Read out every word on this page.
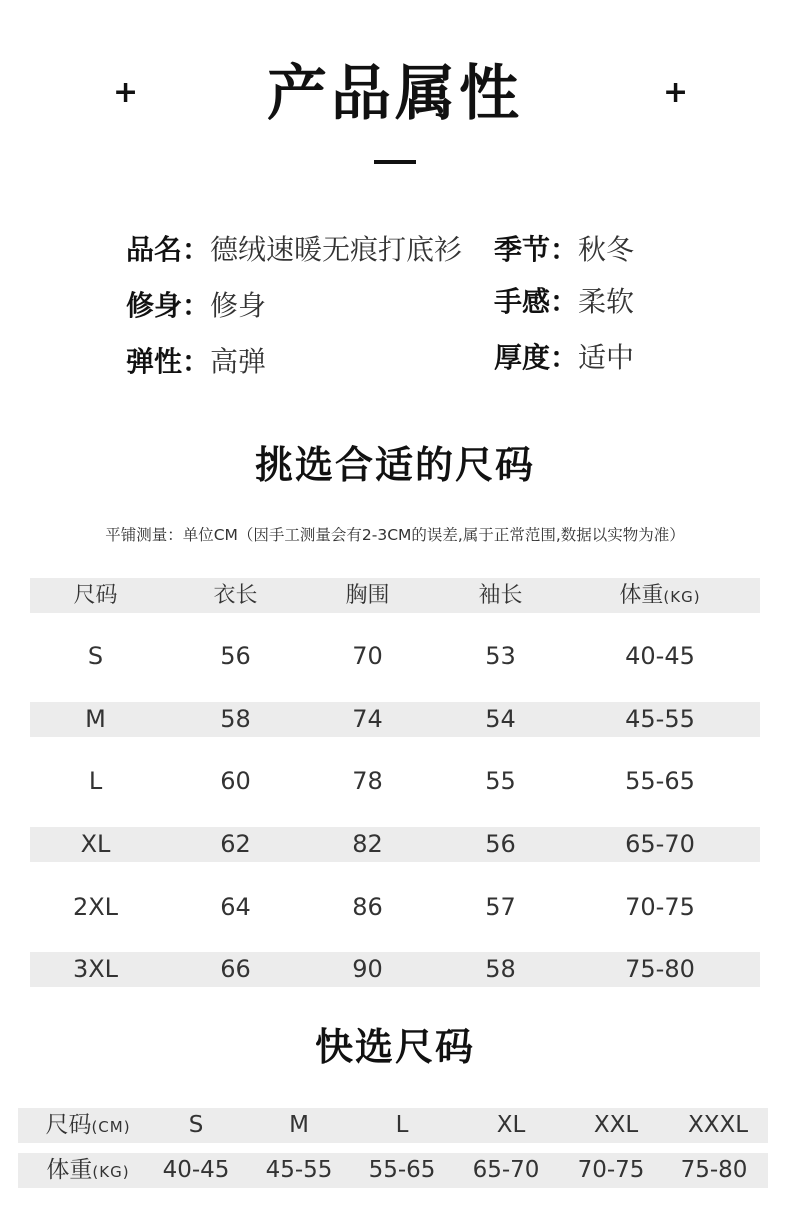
+	+
产品属性
品名：德绒速暖无痕打底衫 季节：秋冬
修身：修身	手感：柔软
弹性：高弹	厚度：适中
挑选合适的尺码

平铺测量：单位CM（因手工测量会有2-3CM的误差,属于正常范围,数据以实物为准）

尺码	衣长	胸围	袖长	体重(KG)
S	56	70	53	40-45
M	58	74	54	45-55
L	60	78	55	55-65
XL	62	82	56	65-70
2XL	64	86	57	70-75
3XL	66	90	58	75-80
快选尺码
尺码(CM)	S	M	L	XL	XXL	XXXL
体重(KG)	40-45	45-55	55-65	65-70	70-75	75-80
